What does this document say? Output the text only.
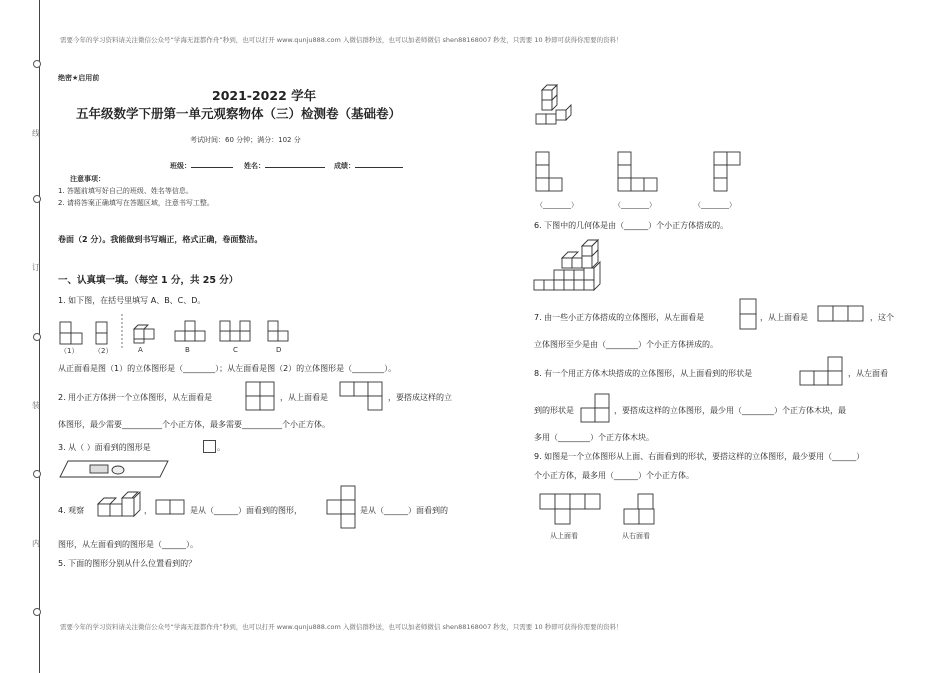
线
订
装
内
需要今年的学习资料请关注微信公众号“学海无涯都作舟”秒到，也可以打开 www.qunju888.com 入微信群秒送，也可以加老师微信 shen88168007 秒发，只需要 10 秒即可获得你需要的资料！
需要今年的学习资料请关注微信公众号“学海无涯都作舟”秒到，也可以打开 www.qunju888.com 入微信群秒送，也可以加老师微信 shen88168007 秒发，只需要 10 秒即可获得你需要的资料！
绝密★启用前
2021-2022 学年
五年级数学下册第一单元观察物体（三）检测卷（基础卷）
考试时间：60 分钟；满分：102 分
班级：	姓名：	成绩：
注意事项：
1. 答题前填写好自己的班级、姓名等信息。
2. 请将答案正确填写在答题区域，注意书写工整。
卷面（2 分）。我能做到书写端正，格式正确，卷面整洁。
一、认真填一填。（每空 1 分，共 25 分）
1. 如下图，在括号里填写 A、B、C、D。
（1） （2）	A	B	C	D
从正面看是图（1）的立体图形是（________）；从左面看是图（2）的立体图形是（________）。
2. 用小正方体拼一个立体图形，从左面看是	，从上面看是	，要搭成这样的立
体图形，最少需要__________个小正方体，最多需要__________个小正方体。
3. 从（ ）面看到的图形是	。
4. 观察	，	是从（______）面看到的图形，	是从（______）面看到的
图形，从左面看到的图形是（______）。
5. 下面的图形分别从什么位置看到的？
（________）	（________）	（________）
6. 下图中的几何体是由（______）个小正方体搭成的。
7. 由一些小正方体搭成的立体图形，从左面看是	，从上面看是	，这个
立体图形至少是由（________）个小正方体拼成的。
8. 有一个用正方体木块搭成的立体图形，从上面看到的形状是	，从左面看
到的形状是	，要搭成这样的立体图形，最少用（________）个正方体木块，最
多用（________）个正方体木块。
9. 如图是一个立体图形从上面、右面看到的形状，要搭这样的立体图形，最少要用（______）
个小正方体，最多用（______）个小正方体。
从上面看	从右面看
